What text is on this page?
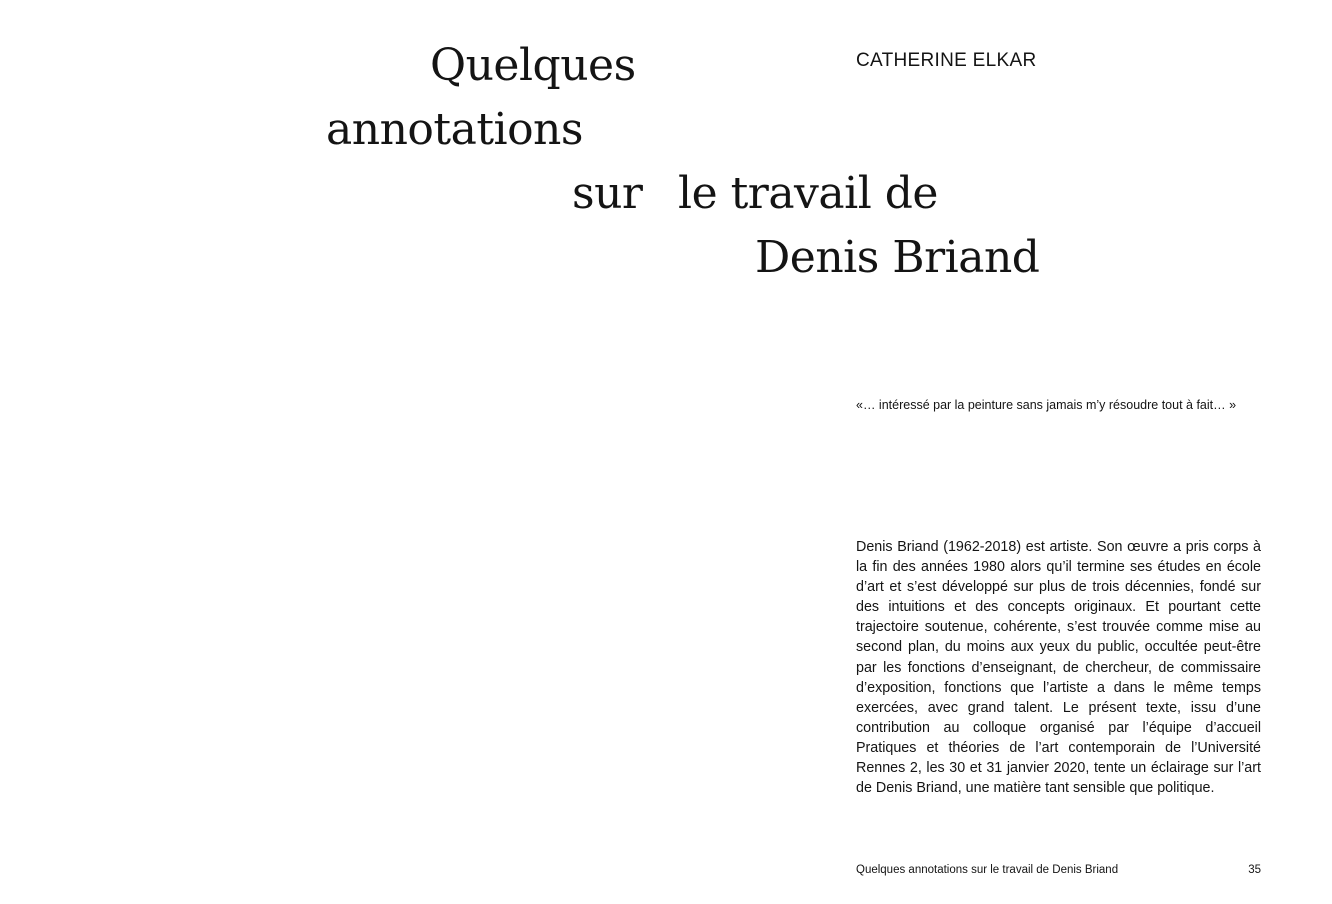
Quelques
annotations
sur le travail de
Denis Briand
CATHERINE ELKAR
«… intéressé par la peinture sans jamais m’y résoudre tout à fait… »

Denis Briand (1962-2018) est artiste. Son œuvre a pris corps à la fin des années 1980 alors qu’il termine ses études en école d’art et s’est développé sur plus de trois décennies, fondé sur des intuitions et des concepts originaux. Et pourtant cette trajectoire soutenue, cohérente, s’est trouvée comme mise au second plan, du moins aux yeux du public, occultée peut-être par les fonctions d’enseignant, de chercheur, de commissaire d’exposition, fonctions que l’artiste a dans le même temps exercées, avec grand talent. Le présent texte, issu d’une contribution au colloque organisé par l’équipe d’accueil Pratiques et théories de l’art contemporain de l’Université Rennes 2, les 30 et 31 janvier 2020, tente un éclairage sur l’art de Denis Briand, une matière tant sensible que politique.

Quelques annotations sur le travail de Denis Briand	35
